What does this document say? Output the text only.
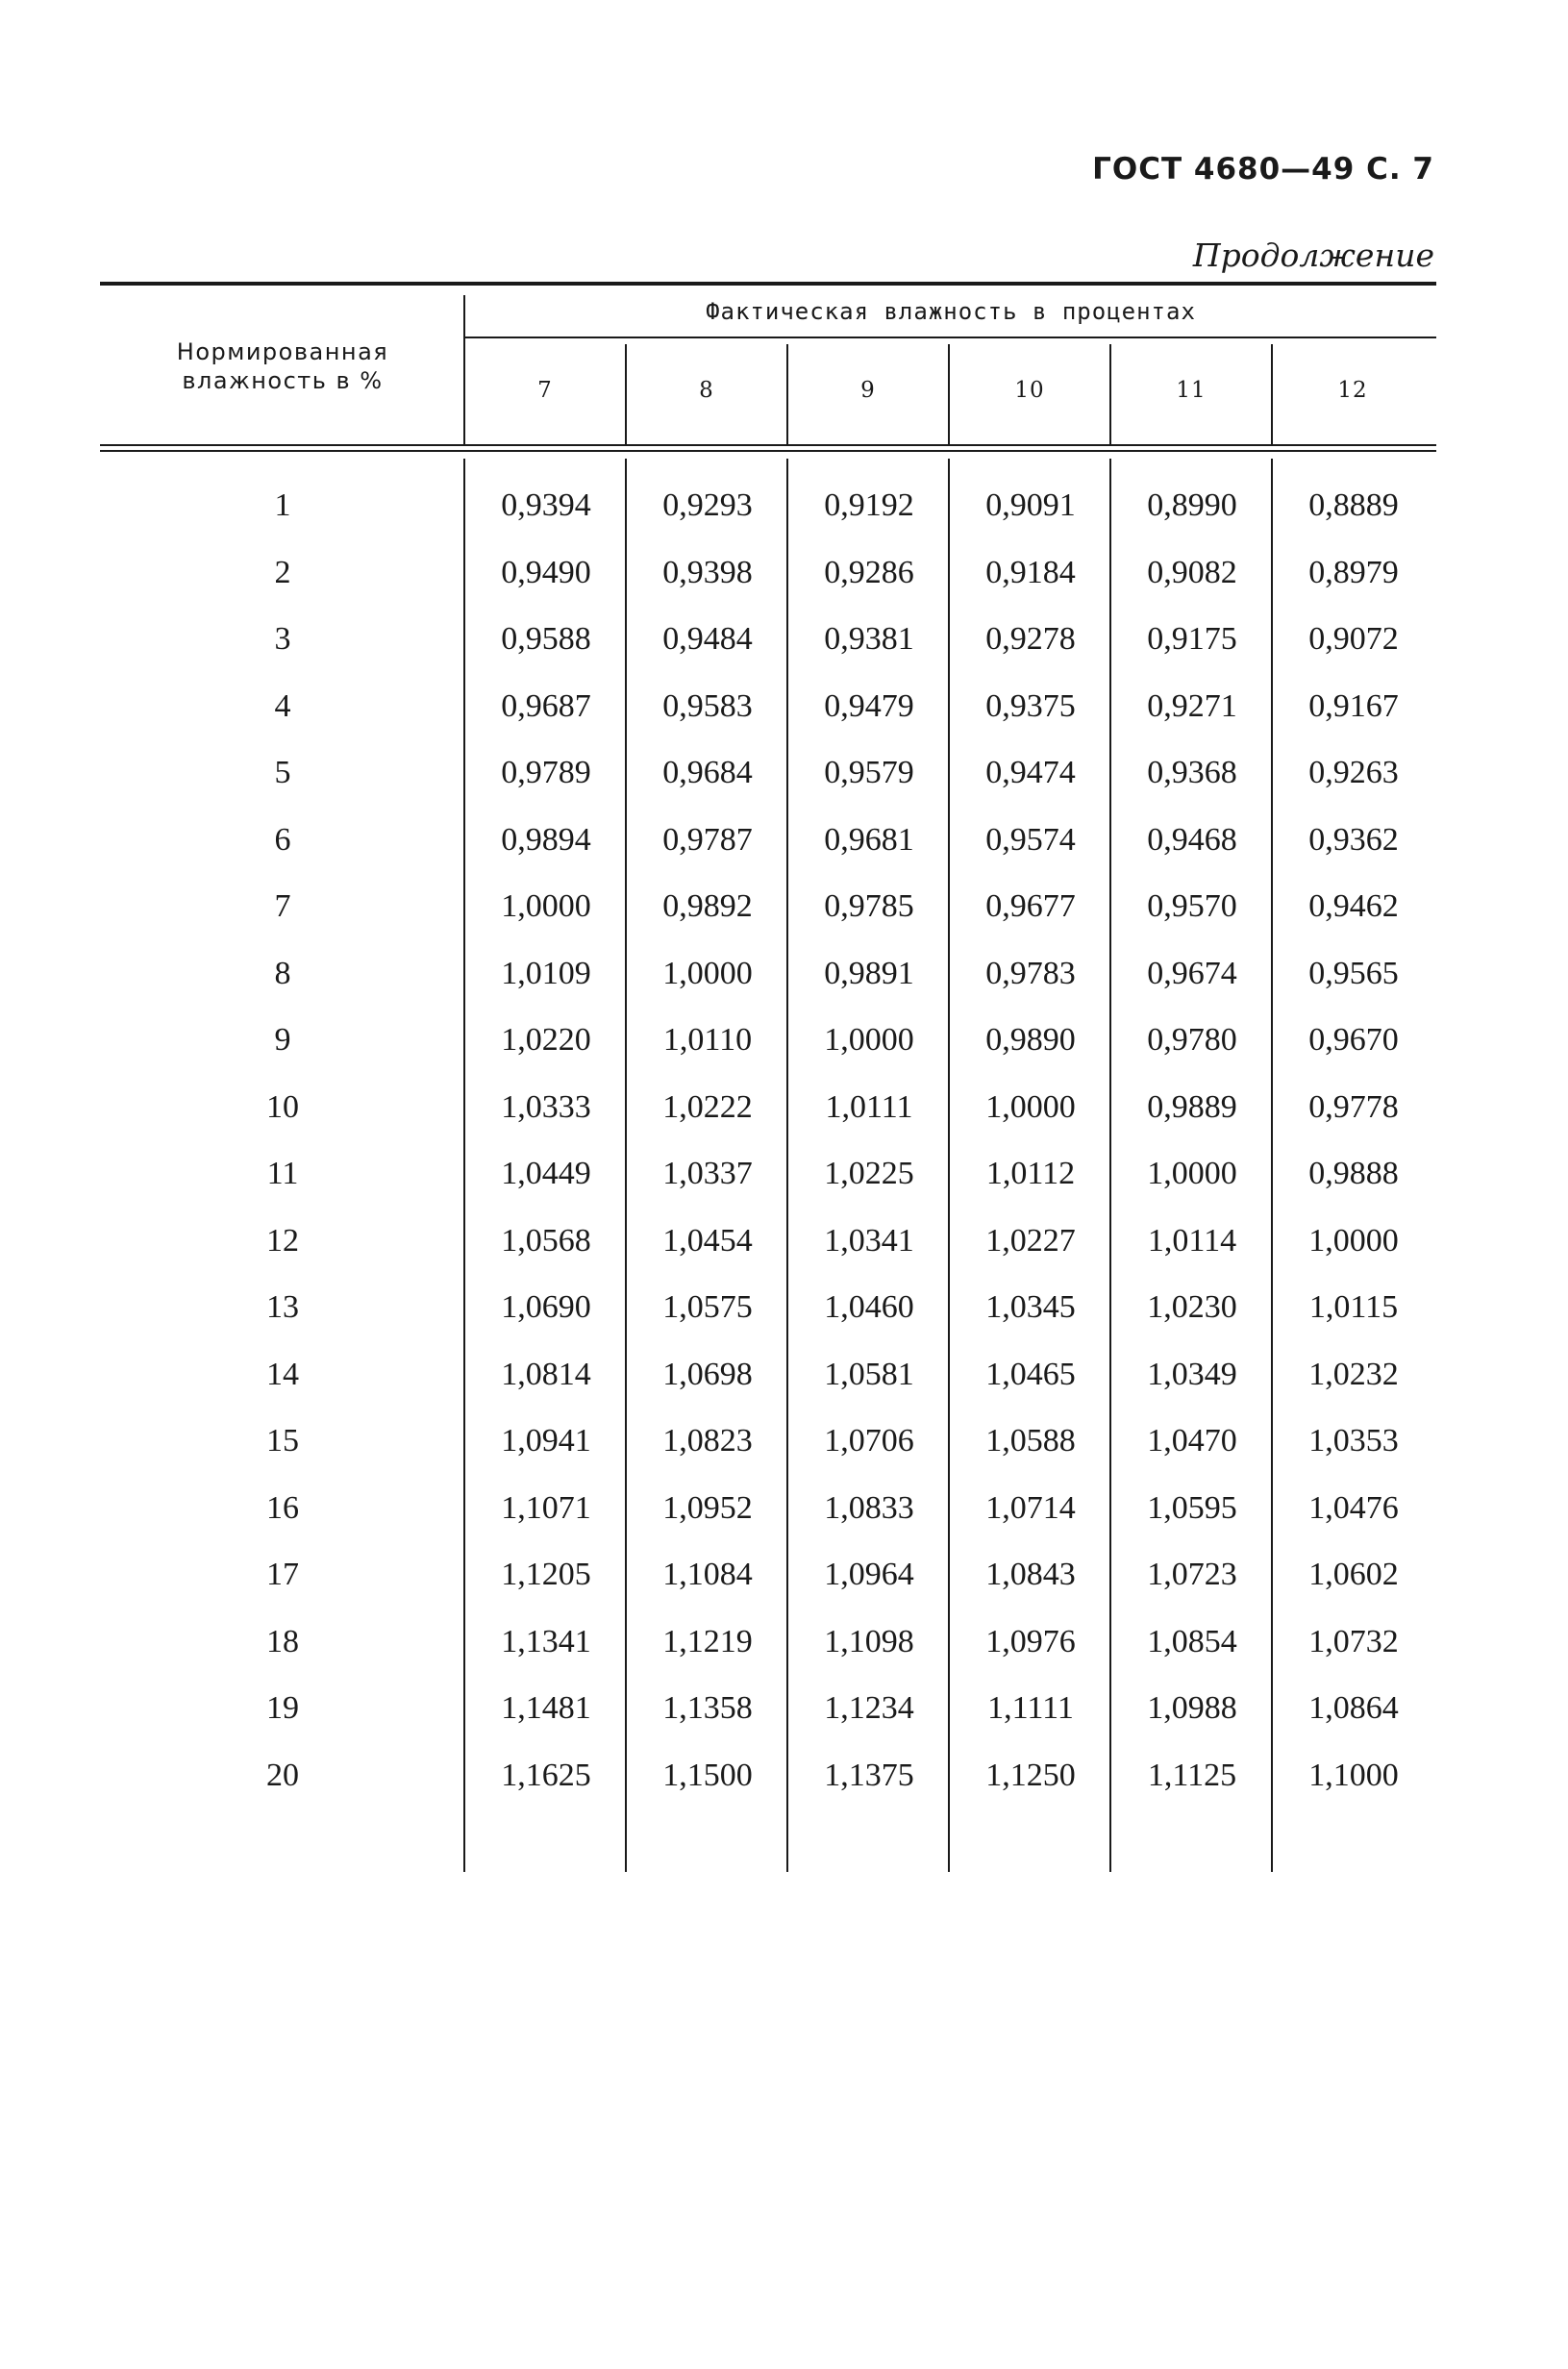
ГОСТ 4680—49 С. 7
Продолжение
Нормированная
влажность в %
Фактическая влажность в процентах
7	8	9	10	11	12
1	0,9394	0,9293	0,9192	0,9091	0,8990	0,8889
2	0,9490	0,9398	0,9286	0,9184	0,9082	0,8979
3	0,9588	0,9484	0,9381	0,9278	0,9175	0,9072
4	0,9687	0,9583	0,9479	0,9375	0,9271	0,9167
5	0,9789	0,9684	0,9579	0,9474	0,9368	0,9263
6	0,9894	0,9787	0,9681	0,9574	0,9468	0,9362
7	1,0000	0,9892	0,9785	0,9677	0,9570	0,9462
8	1,0109	1,0000	0,9891	0,9783	0,9674	0,9565
9	1,0220	1,0110	1,0000	0,9890	0,9780	0,9670
10	1,0333	1,0222	1,0111	1,0000	0,9889	0,9778
11	1,0449	1,0337	1,0225	1,0112	1,0000	0,9888
12	1,0568	1,0454	1,0341	1,0227	1,0114	1,0000
13	1,0690	1,0575	1,0460	1,0345	1,0230	1,0115
14	1,0814	1,0698	1,0581	1,0465	1,0349	1,0232
15	1,0941	1,0823	1,0706	1,0588	1,0470	1,0353
16	1,1071	1,0952	1,0833	1,0714	1,0595	1,0476
17	1,1205	1,1084	1,0964	1,0843	1,0723	1,0602
18	1,1341	1,1219	1,1098	1,0976	1,0854	1,0732
19	1,1481	1,1358	1,1234	1,1111	1,0988	1,0864
20	1,1625	1,1500	1,1375	1,1250	1,1125	1,1000
